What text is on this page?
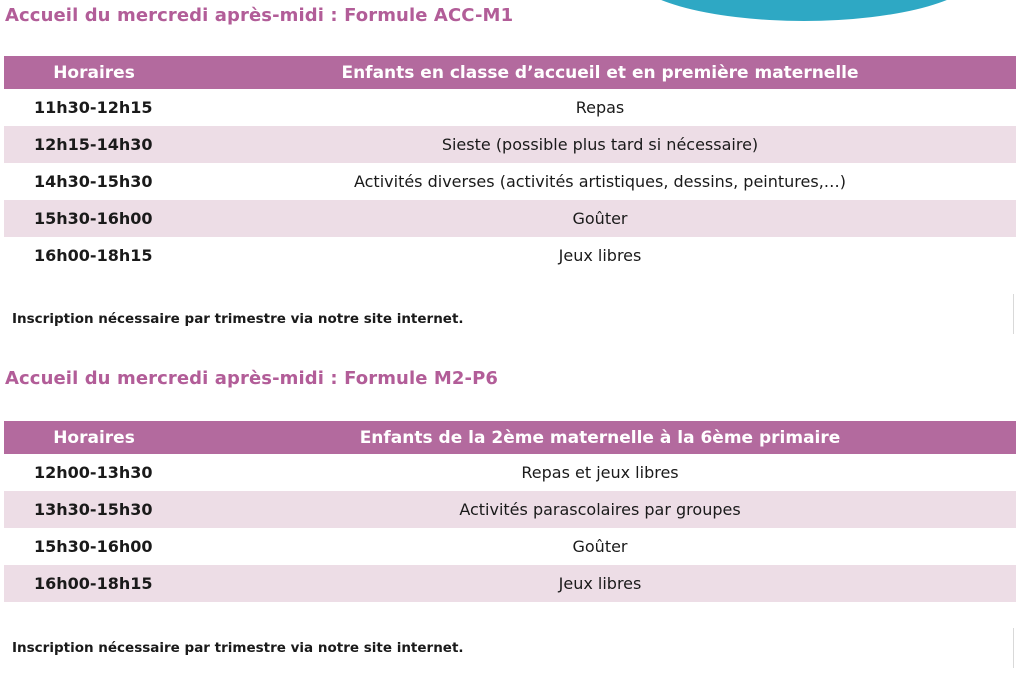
Accueil du mercredi après-midi : Formule ACC-M1
Horaires	Enfants en classe d’accueil et en première maternelle
11h30-12h15	Repas
12h15-14h30	Sieste (possible plus tard si nécessaire)
14h30-15h30	Activités diverses (activités artistiques, dessins, peintures,…)
15h30-16h00	Goûter
16h00-18h15	Jeux libres

Inscription nécessaire par trimestre via notre site internet.

Accueil du mercredi après-midi : Formule M2-P6
Horaires	Enfants de la 2ème maternelle à la 6ème primaire
12h00-13h30	Repas et jeux libres
13h30-15h30	Activités parascolaires par groupes
15h30-16h00	Goûter
16h00-18h15	Jeux libres

Inscription nécessaire par trimestre via notre site internet.
